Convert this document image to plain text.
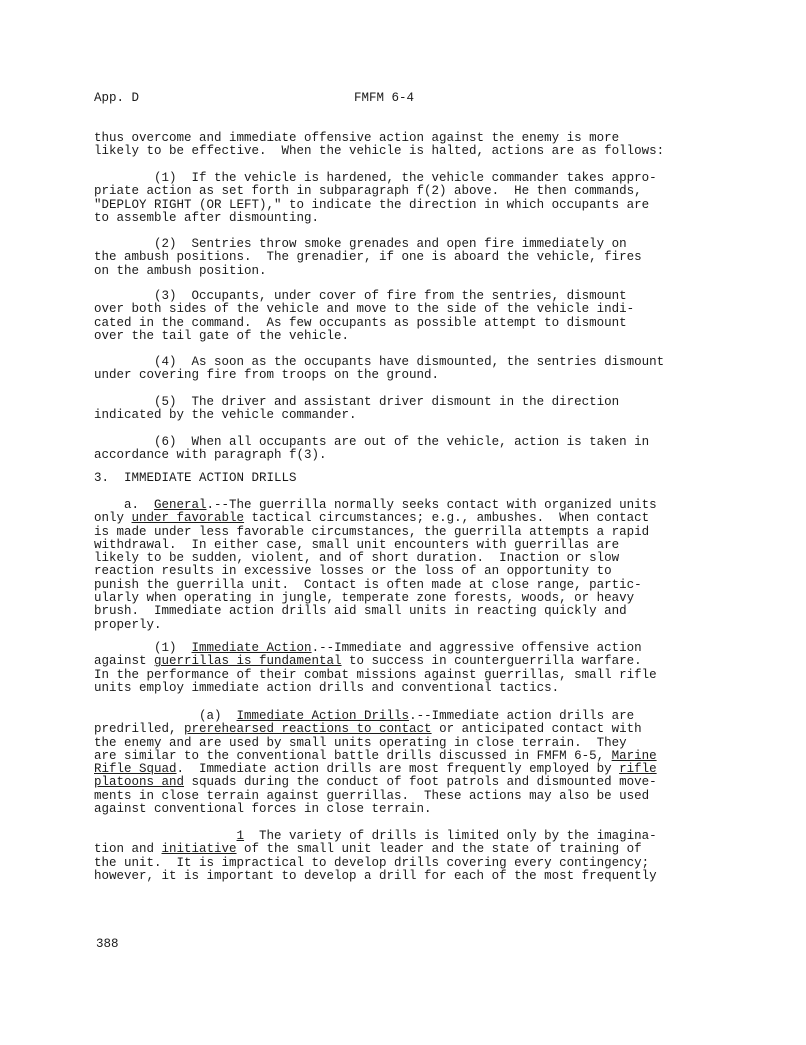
App. D	FMFM 6-4

thus overcome and immediate offensive action against the enemy is more
likely to be effective.  When the vehicle is halted, actions are as follows:

(1)  If the vehicle is hardened, the vehicle commander takes appro-
priate action as set forth in subparagraph f(2) above.  He then commands,
"DEPLOY RIGHT (OR LEFT)," to indicate the direction in which occupants are
to assemble after dismounting.

(2)  Sentries throw smoke grenades and open fire immediately on
the ambush positions.  The grenadier, if one is aboard the vehicle, fires
on the ambush position.

(3)  Occupants, under cover of fire from the sentries, dismount
over both sides of the vehicle and move to the side of the vehicle indi-
cated in the command.  As few occupants as possible attempt to dismount
over the tail gate of the vehicle.

(4)  As soon as the occupants have dismounted, the sentries dismount
under covering fire from troops on the ground.

(5)  The driver and assistant driver dismount in the direction
indicated by the vehicle commander.

(6)  When all occupants are out of the vehicle, action is taken in
accordance with paragraph f(3).

3.  IMMEDIATE ACTION DRILLS

a.  General.--The guerrilla normally seeks contact with organized units
only under favorable tactical circumstances; e.g., ambushes.  When contact
is made under less favorable circumstances, the guerrilla attempts a rapid
withdrawal.  In either case, small unit encounters with guerrillas are
likely to be sudden, violent, and of short duration.  Inaction or slow
reaction results in excessive losses or the loss of an opportunity to
punish the guerrilla unit.  Contact is often made at close range, partic-
ularly when operating in jungle, temperate zone forests, woods, or heavy
brush.  Immediate action drills aid small units in reacting quickly and
properly.

(1)  Immediate Action.--Immediate and aggressive offensive action
against guerrillas is fundamental to success in counterguerrilla warfare.
In the performance of their combat missions against guerrillas, small rifle
units employ immediate action drills and conventional tactics.

(a)  Immediate Action Drills.--Immediate action drills are
predrilled, prerehearsed reactions to contact or anticipated contact with
the enemy and are used by small units operating in close terrain.  They
are similar to the conventional battle drills discussed in FMFM 6-5, Marine
Rifle Squad.  Immediate action drills are most frequently employed by rifle
platoons and squads during the conduct of foot patrols and dismounted move-
ments in close terrain against guerrillas.  These actions may also be used
against conventional forces in close terrain.

1  The variety of drills is limited only by the imagina-
tion and initiative of the small unit leader and the state of training of
the unit.  It is impractical to develop drills covering every contingency;
however, it is important to develop a drill for each of the most frequently

388
